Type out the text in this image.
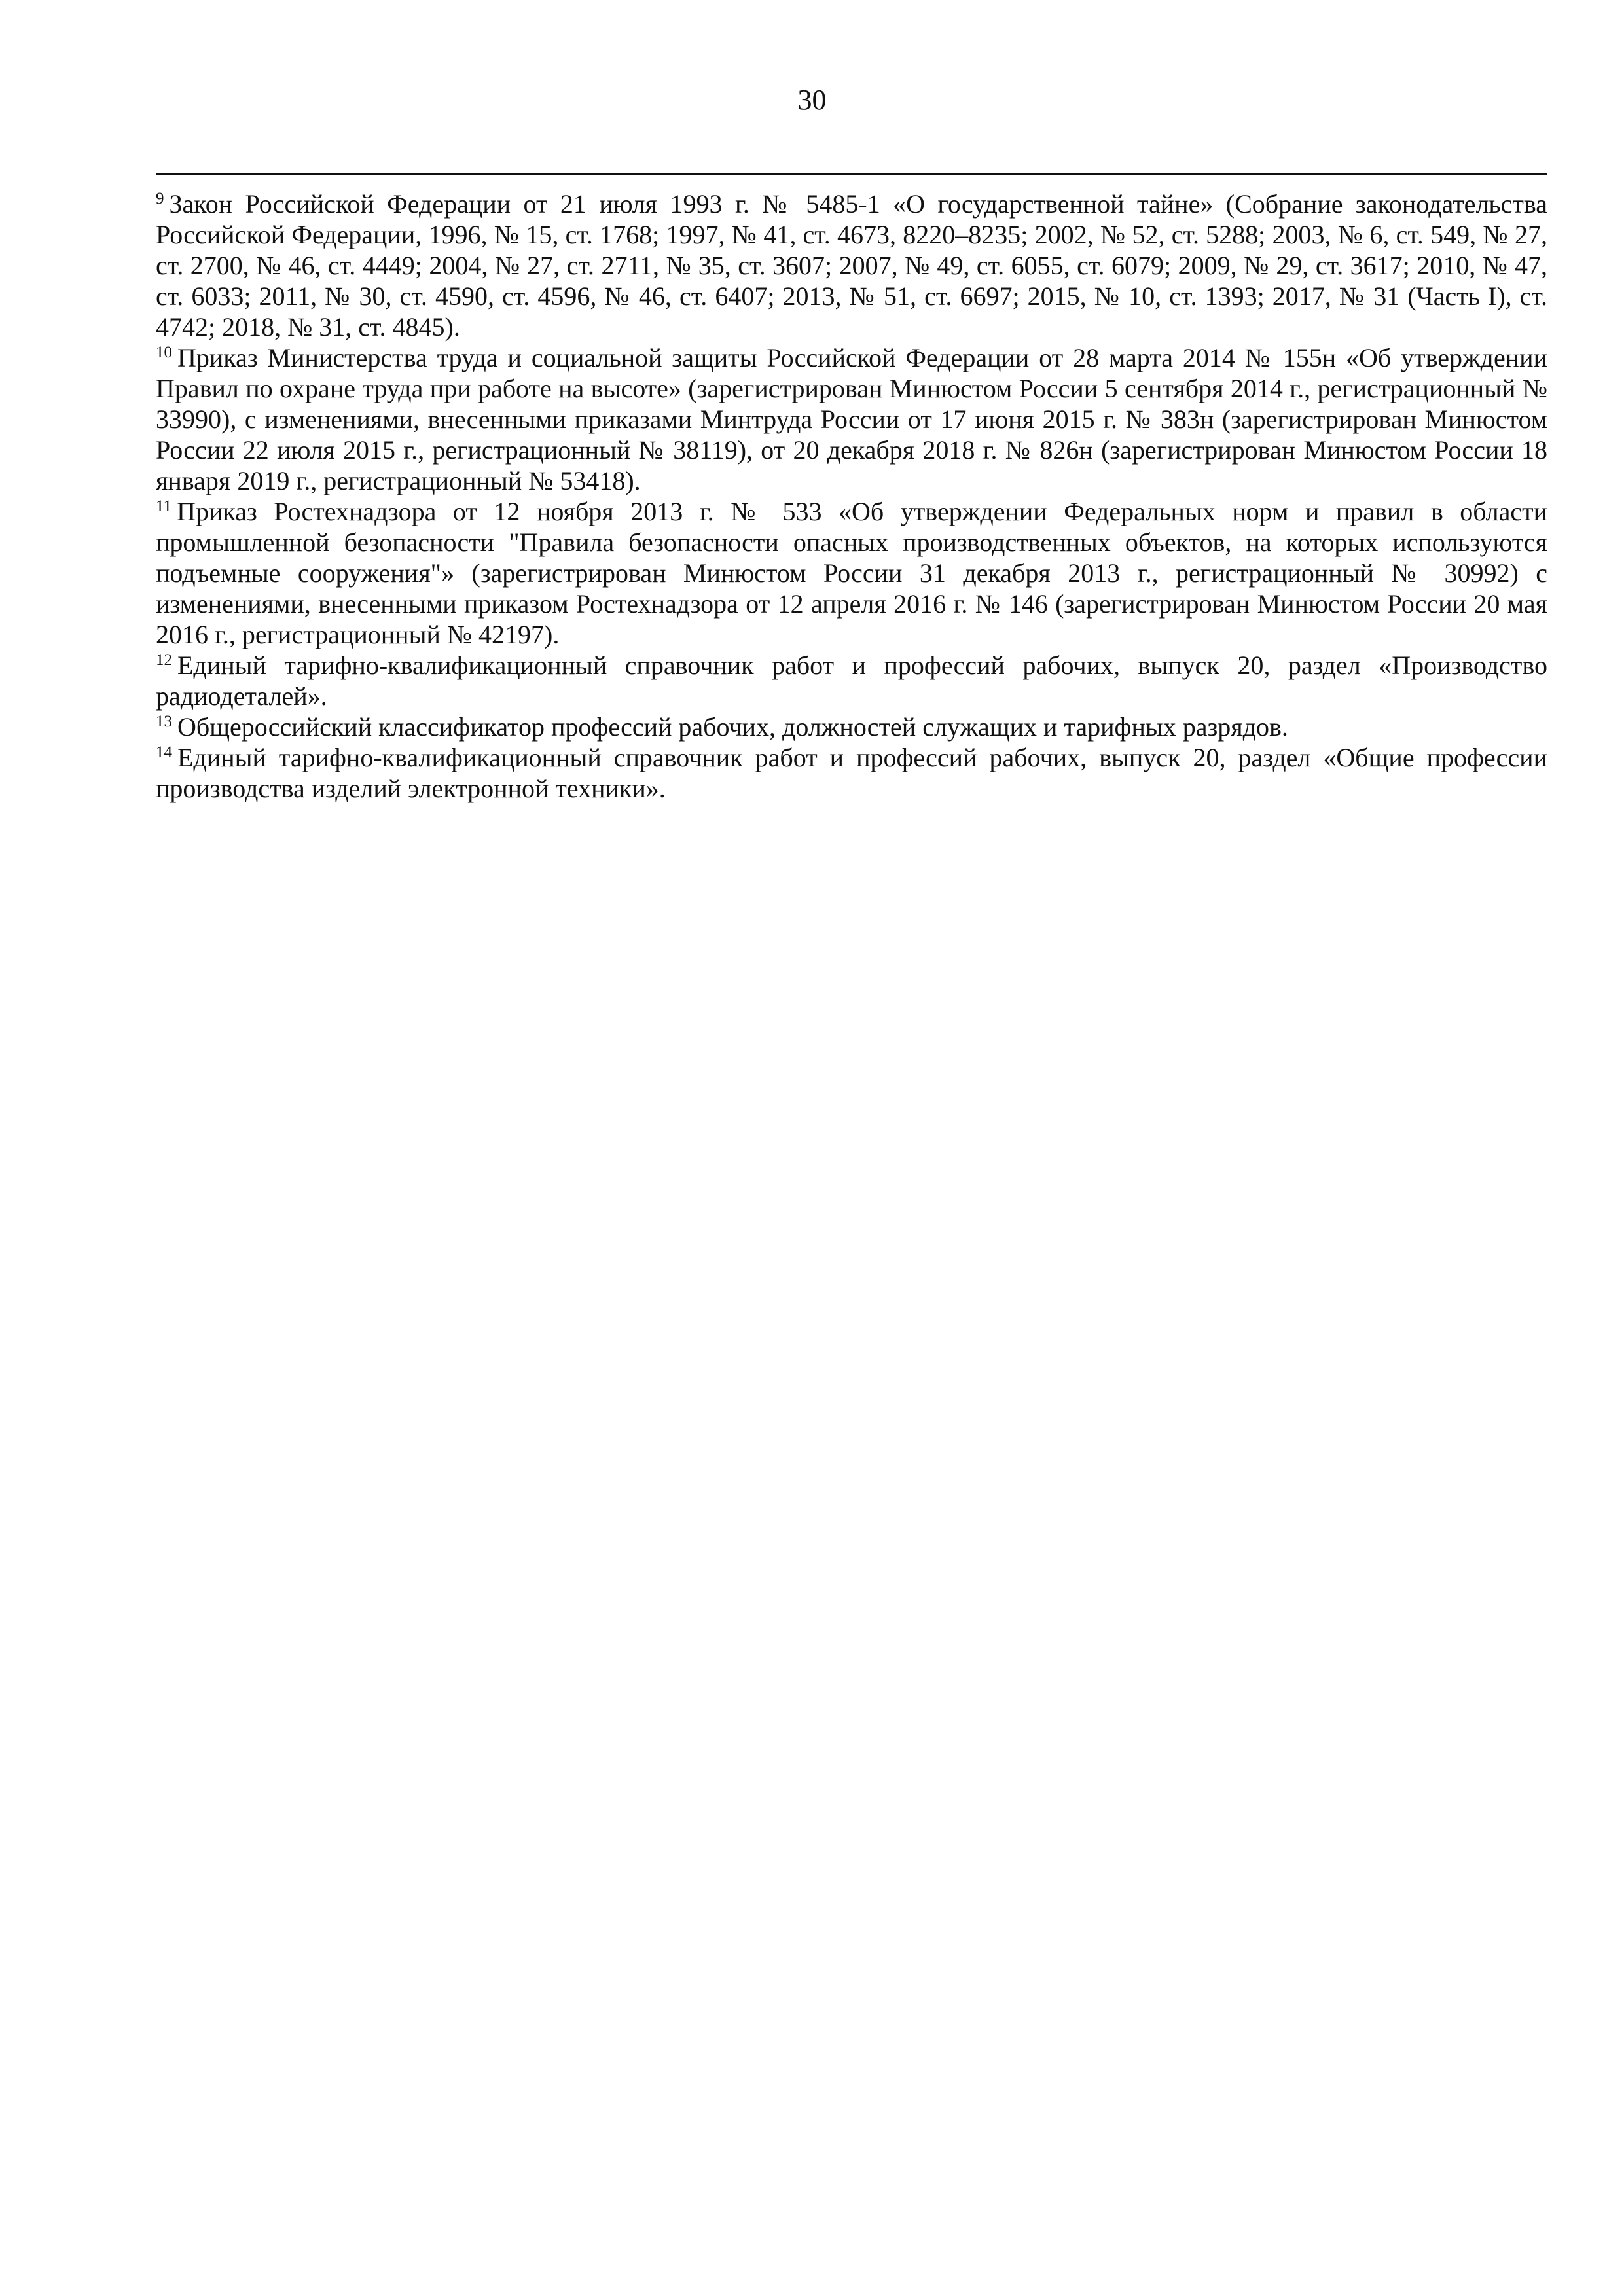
30

$^9$ Закон Российской Федерации от 21 июля 1993 г. № 5485-1 «О государственной тайне» (Собрание законодательства Российской Федерации, 1996, № 15, ст. 1768; 1997, № 41, ст. 4673, 8220–8235; 2002, № 52, ст. 5288; 2003, № 6, ст. 549, № 27, ст. 2700, № 46, ст. 4449; 2004, № 27, ст. 2711, № 35, ст. 3607; 2007, № 49, ст. 6055, ст. 6079; 2009, № 29, ст. 3617; 2010, № 47, ст. 6033; 2011, № 30, ст. 4590, ст. 4596, № 46, ст. 6407; 2013, № 51, ст. 6697; 2015, № 10, ст. 1393; 2017, № 31 (Часть I), ст. 4742; 2018, № 31, ст. 4845).

$^{10}$ Приказ Министерства труда и социальной защиты Российской Федерации от 28 марта 2014 № 155н «Об утверждении Правил по охране труда при работе на высоте» (зарегистрирован Минюстом России 5 сентября 2014 г., регистрационный № 33990), с изменениями, внесенными приказами Минтруда России от 17 июня 2015 г. № 383н (зарегистрирован Минюстом России 22 июля 2015 г., регистрационный № 38119), от 20 декабря 2018 г. № 826н (зарегистрирован Минюстом России 18 января 2019 г., регистрационный № 53418).

$^{11}$ Приказ Ростехнадзора от 12 ноября 2013 г. № 533 «Об утверждении Федеральных норм и правил в области промышленной безопасности "Правила безопасности опасных производственных объектов, на которых используются подъемные сооружения"» (зарегистрирован Минюстом России 31 декабря 2013 г., регистрационный № 30992) с изменениями, внесенными приказом Ростехнадзора от 12 апреля 2016 г. № 146 (зарегистрирован Минюстом России 20 мая 2016 г., регистрационный № 42197).

$^{12}$ Единый тарифно-квалификационный справочник работ и профессий рабочих, выпуск 20, раздел «Производство радиодеталей».

$^{13}$ Общероссийский классификатор профессий рабочих, должностей служащих и тарифных разрядов.

$^{14}$ Единый тарифно-квалификационный справочник работ и профессий рабочих, выпуск 20, раздел «Общие профессии производства изделий электронной техники».
